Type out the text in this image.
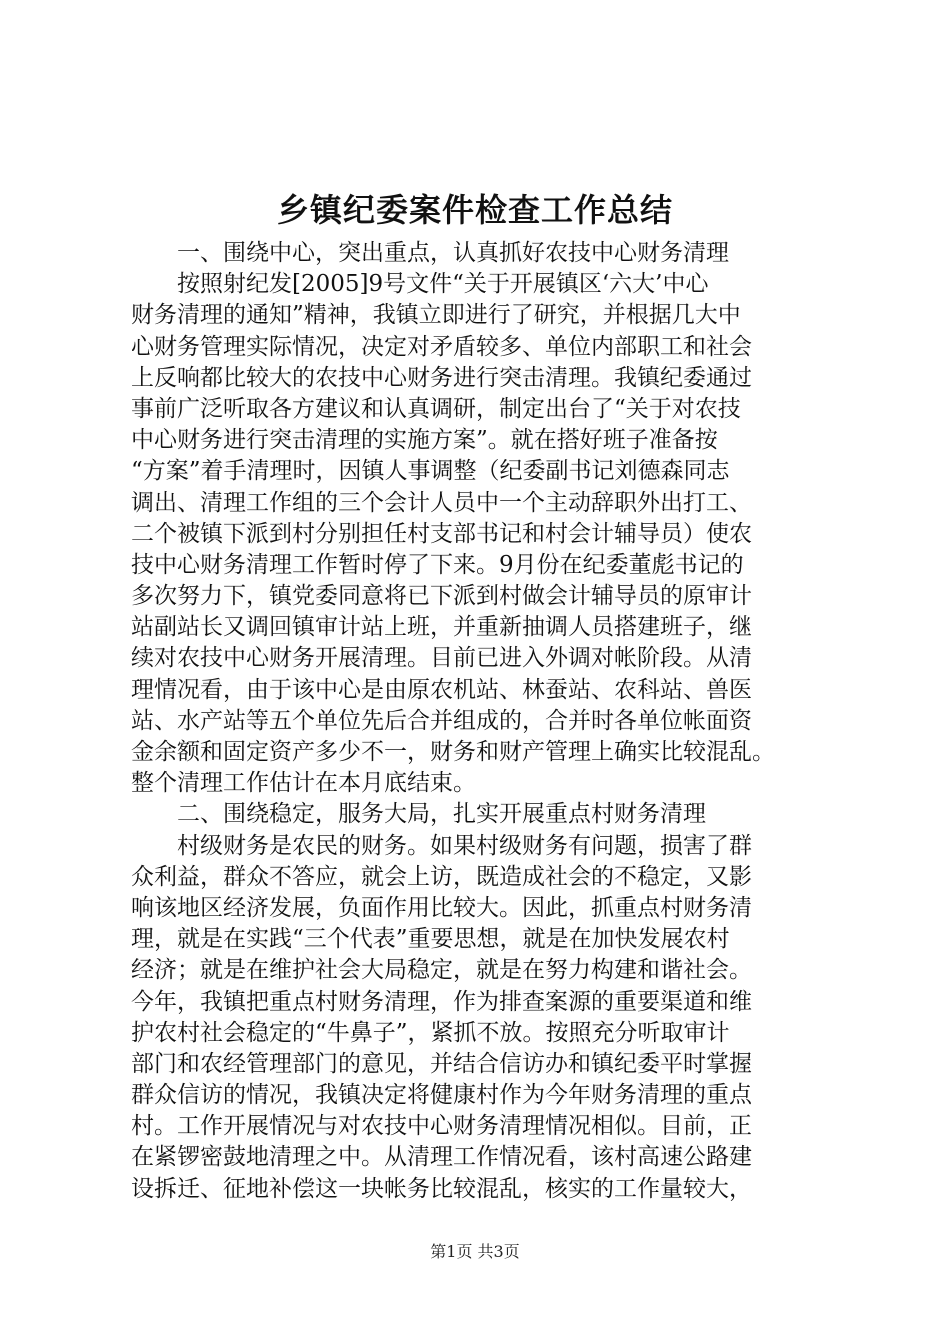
乡镇纪委案件检查工作总结
一、围绕中心，突出重点，认真抓好农技中心财务清理
按照射纪发[2005]9号文件“关于开展镇区‘六大’中心
财务清理的通知”精神，我镇立即进行了研究，并根据几大中
心财务管理实际情况，决定对矛盾较多、单位内部职工和社会
上反响都比较大的农技中心财务进行突击清理。我镇纪委通过
事前广泛听取各方建议和认真调研，制定出台了“关于对农技
中心财务进行突击清理的实施方案”。就在搭好班子准备按
“方案”着手清理时，因镇人事调整（纪委副书记刘德森同志
调出、清理工作组的三个会计人员中一个主动辞职外出打工、
二个被镇下派到村分别担任村支部书记和村会计辅导员）使农
技中心财务清理工作暂时停了下来。9月份在纪委董彪书记的
多次努力下，镇党委同意将已下派到村做会计辅导员的原审计
站副站长又调回镇审计站上班，并重新抽调人员搭建班子，继
续对农技中心财务开展清理。目前已进入外调对帐阶段。从清
理情况看，由于该中心是由原农机站、林蚕站、农科站、兽医
站、水产站等五个单位先后合并组成的，合并时各单位帐面资
金余额和固定资产多少不一，财务和财产管理上确实比较混乱。
整个清理工作估计在本月底结束。
二、围绕稳定，服务大局，扎实开展重点村财务清理
村级财务是农民的财务。如果村级财务有问题，损害了群
众利益，群众不答应，就会上访，既造成社会的不稳定，又影
响该地区经济发展，负面作用比较大。因此，抓重点村财务清
理，就是在实践“三个代表”重要思想，就是在加快发展农村
经济；就是在维护社会大局稳定，就是在努力构建和谐社会。
今年，我镇把重点村财务清理，作为排查案源的重要渠道和维
护农村社会稳定的“牛鼻子”，紧抓不放。按照充分听取审计
部门和农经管理部门的意见，并结合信访办和镇纪委平时掌握
群众信访的情况，我镇决定将健康村作为今年财务清理的重点
村。工作开展情况与对农技中心财务清理情况相似。目前，正
在紧锣密鼓地清理之中。从清理工作情况看，该村高速公路建
设拆迁、征地补偿这一块帐务比较混乱，核实的工作量较大，
第1页 共3页
